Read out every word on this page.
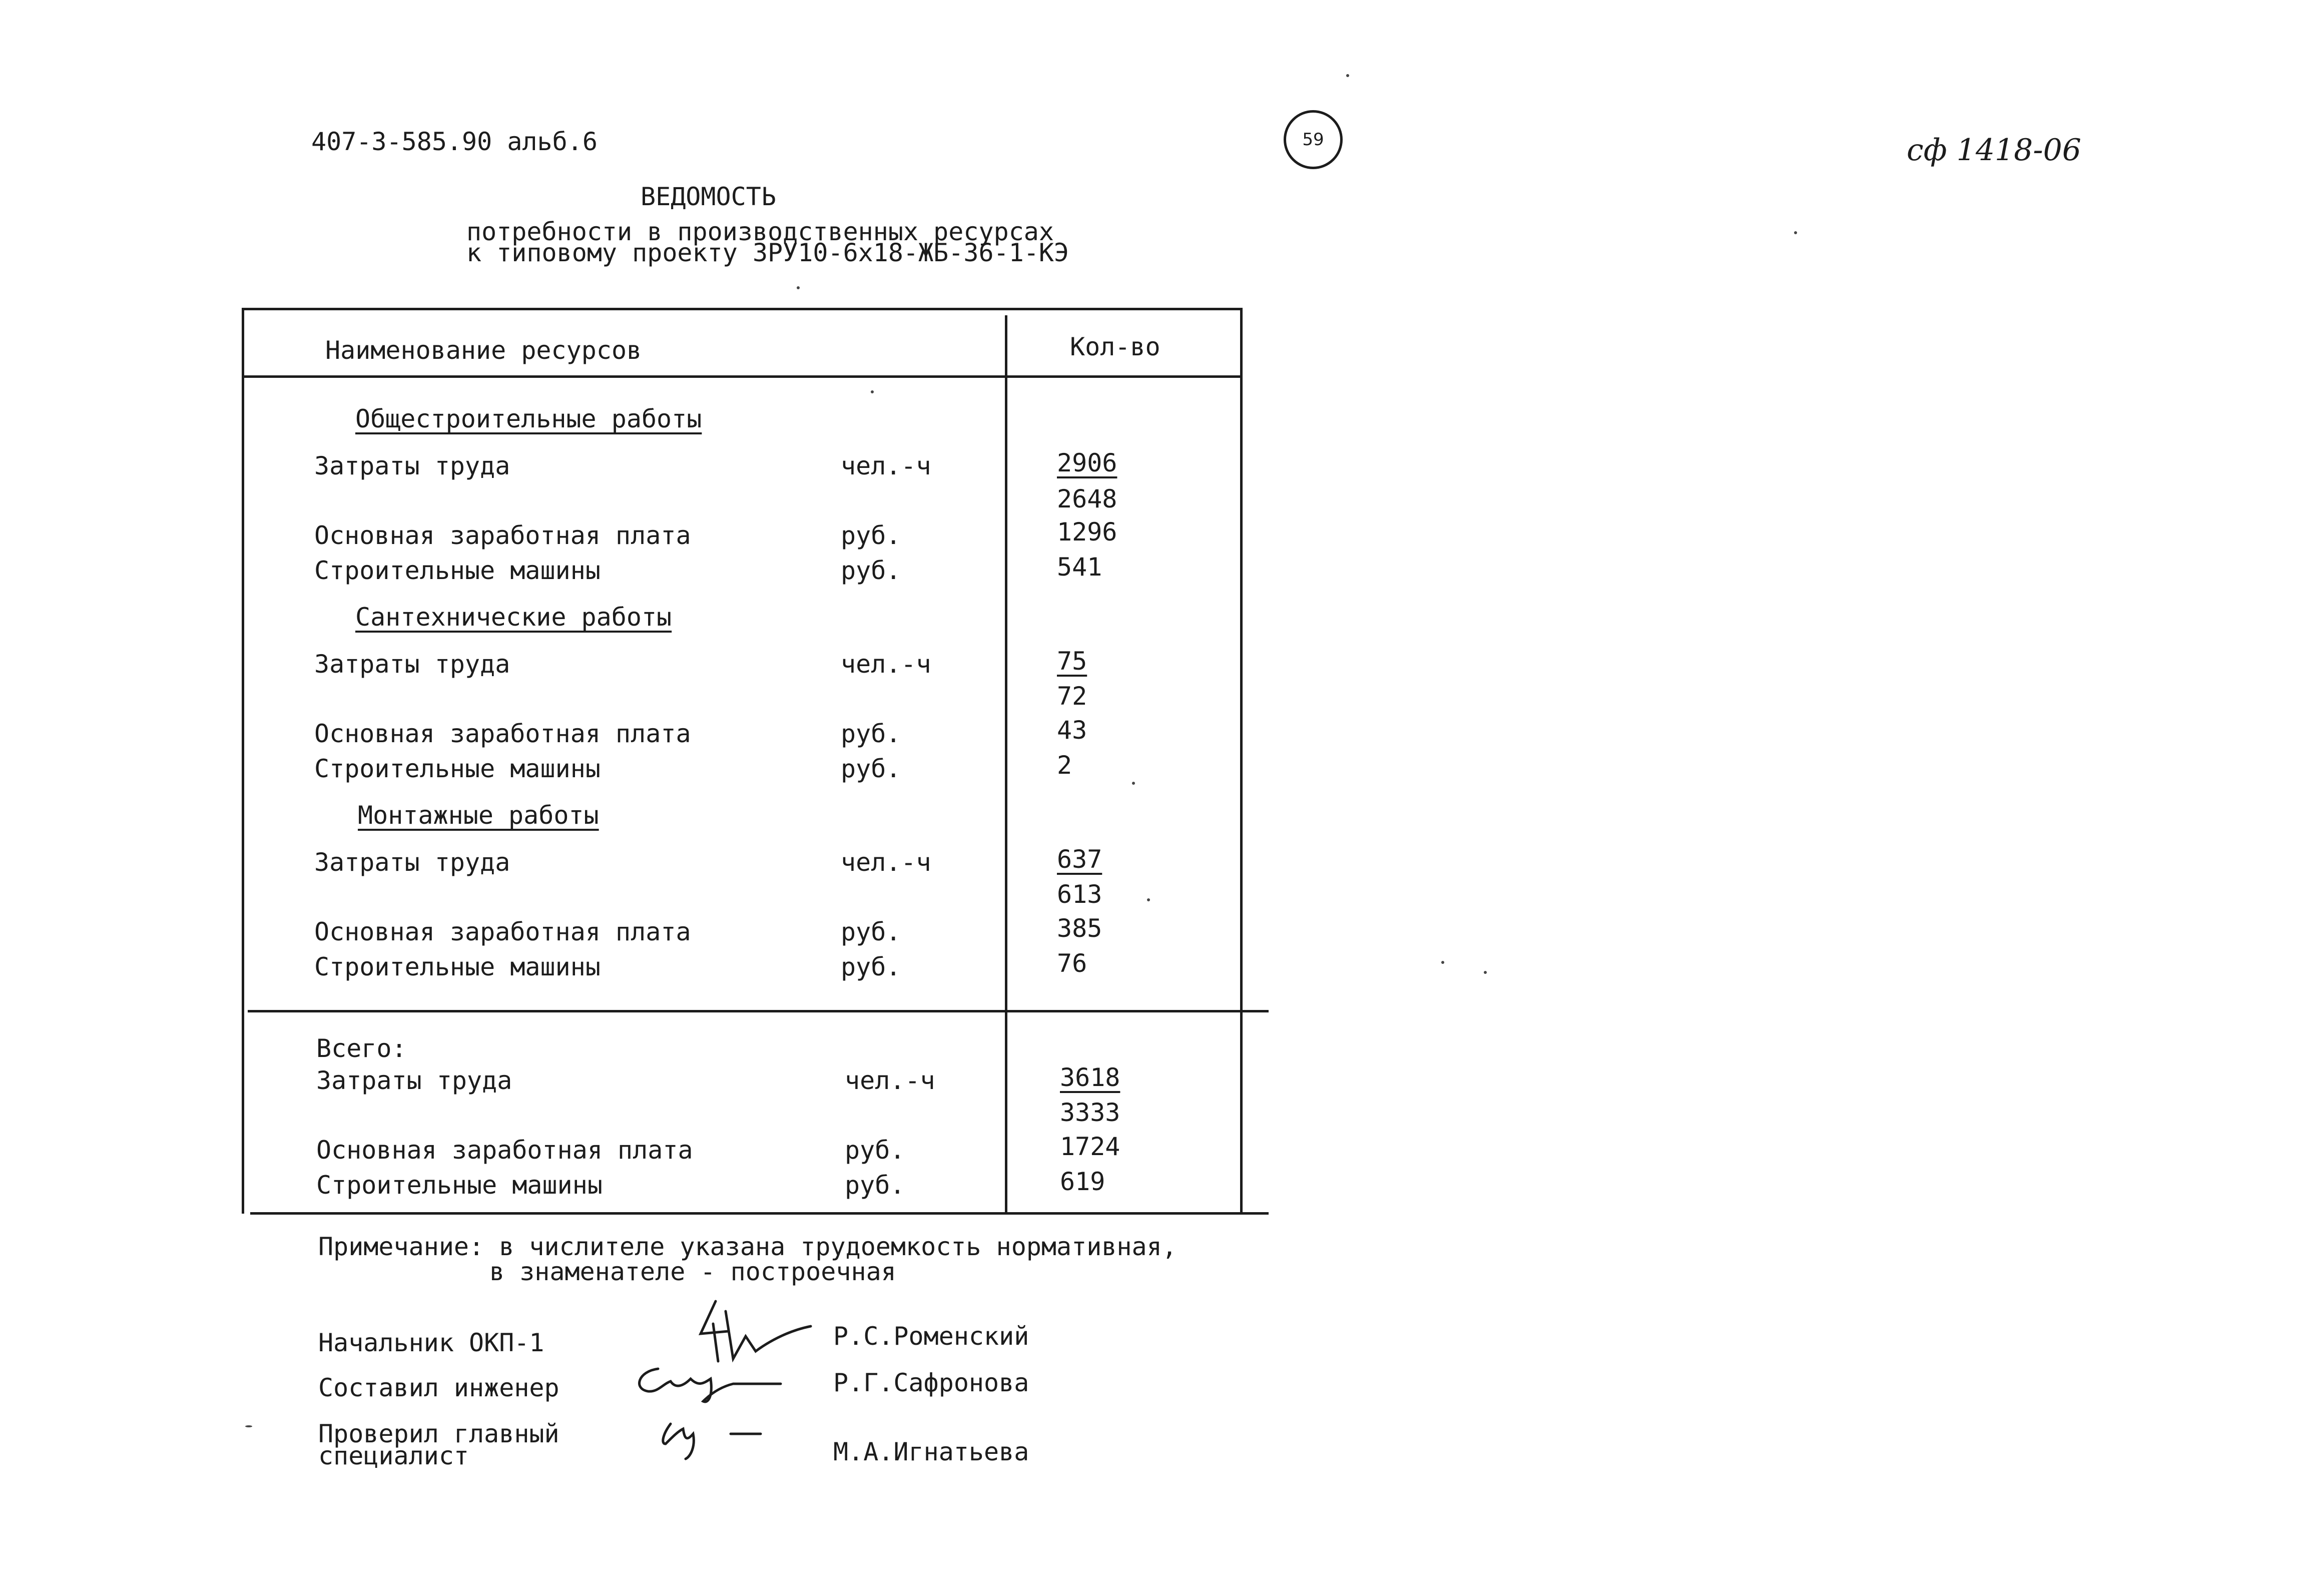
407-3-585.90 альб.6	59	сф 1418-06
ВЕДОМОСТЬ
потребности в производственных ресурсах
к типовому проекту ЗРУ10-6х18-ЖБ-36-1-КЭ
Наименование ресурсов	Кол-во
Общестроительные работы
Затраты труда	чел.-ч	2906
2648
Основная заработная плата	руб.	1296
Строительные машины	руб.	541
Сантехнические работы
Затраты труда	чел.-ч	75
72
Основная заработная плата	руб.	43
Строительные машины	руб.	2
Монтажные работы
Затраты труда	чел.-ч	637
613
Основная заработная плата	руб.	385
Строительные машины	руб.	76
Всего:
Затраты труда	чел.-ч	3618
3333
Основная заработная плата	руб.	1724
Строительные машины	руб.	619
Примечание: в числителе указана трудоемкость нормативная,
в знаменателе - построечная
Начальник ОКП-1	Р.С.Роменский
Составил инженер	Р.Г.Сафронова
Проверил главный
специалист	М.А.Игнатьева
